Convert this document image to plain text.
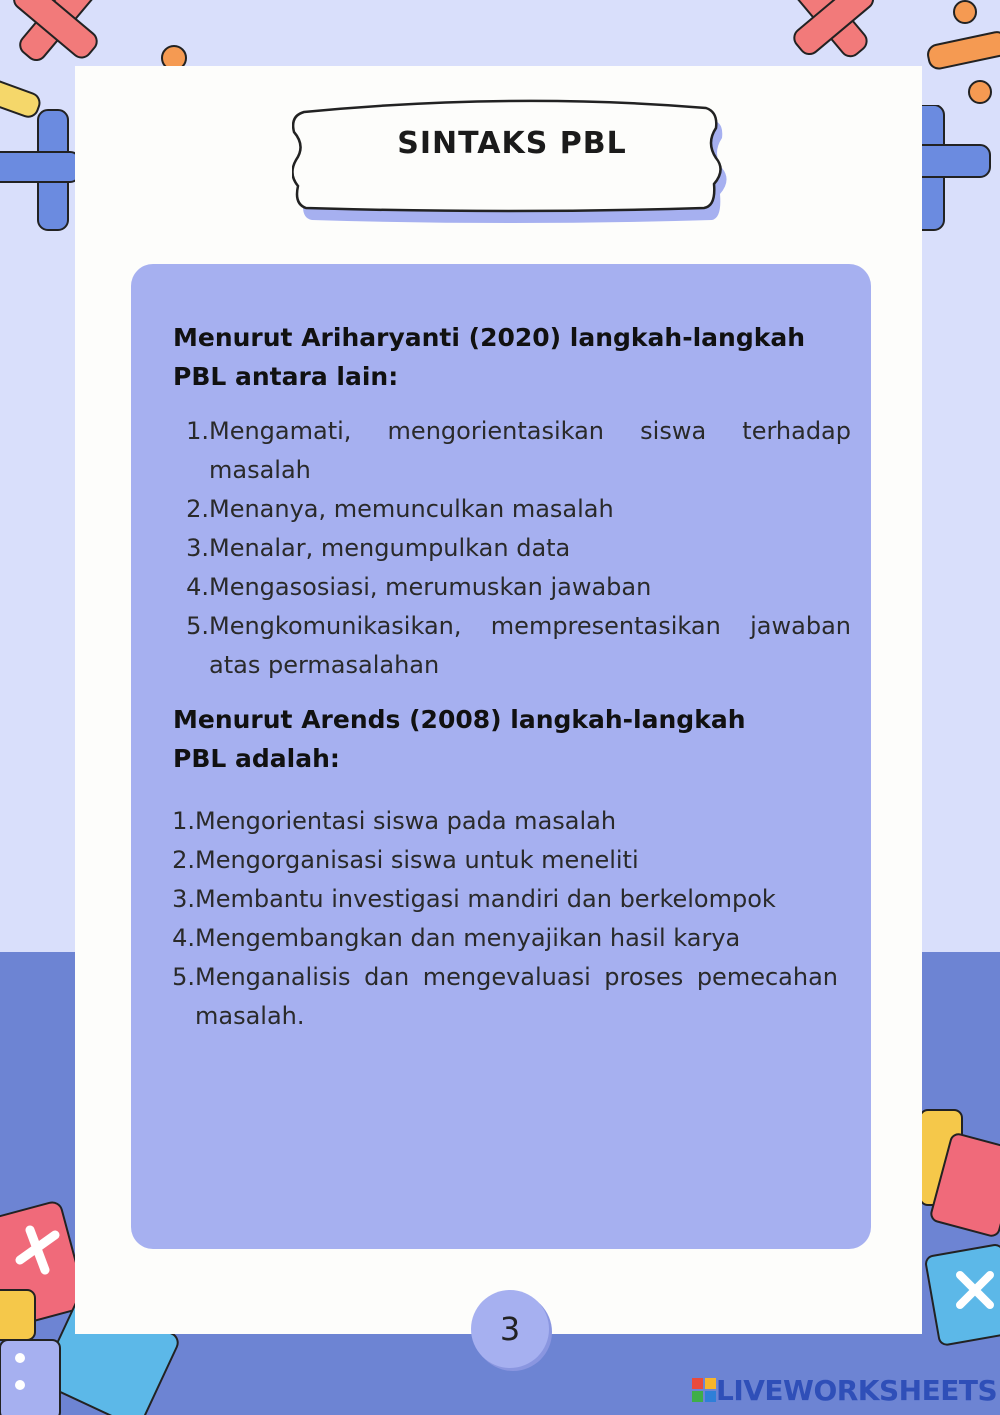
SINTAKS PBL
Menurut Ariharyanti (2020) langkah-langkah
PBL antara lain:
1. Mengamati, mengorientasikan siswa terhadap
masalah
2. Menanya, memunculkan masalah
3. Menalar, mengumpulkan data
4. Mengasosiasi, merumuskan jawaban
5. Mengkomunikasikan, mempresentasikan jawaban
atas permasalahan
Menurut Arends (2008) langkah-langkah
PBL adalah:
1. Mengorientasi siswa pada masalah
2. Mengorganisasi siswa untuk meneliti
3. Membantu investigasi mandiri dan berkelompok
4. Mengembangkan dan menyajikan hasil karya
5. Menganalisis dan mengevaluasi proses pemecahan
masalah.
3
LIVEWORKSHEETS
